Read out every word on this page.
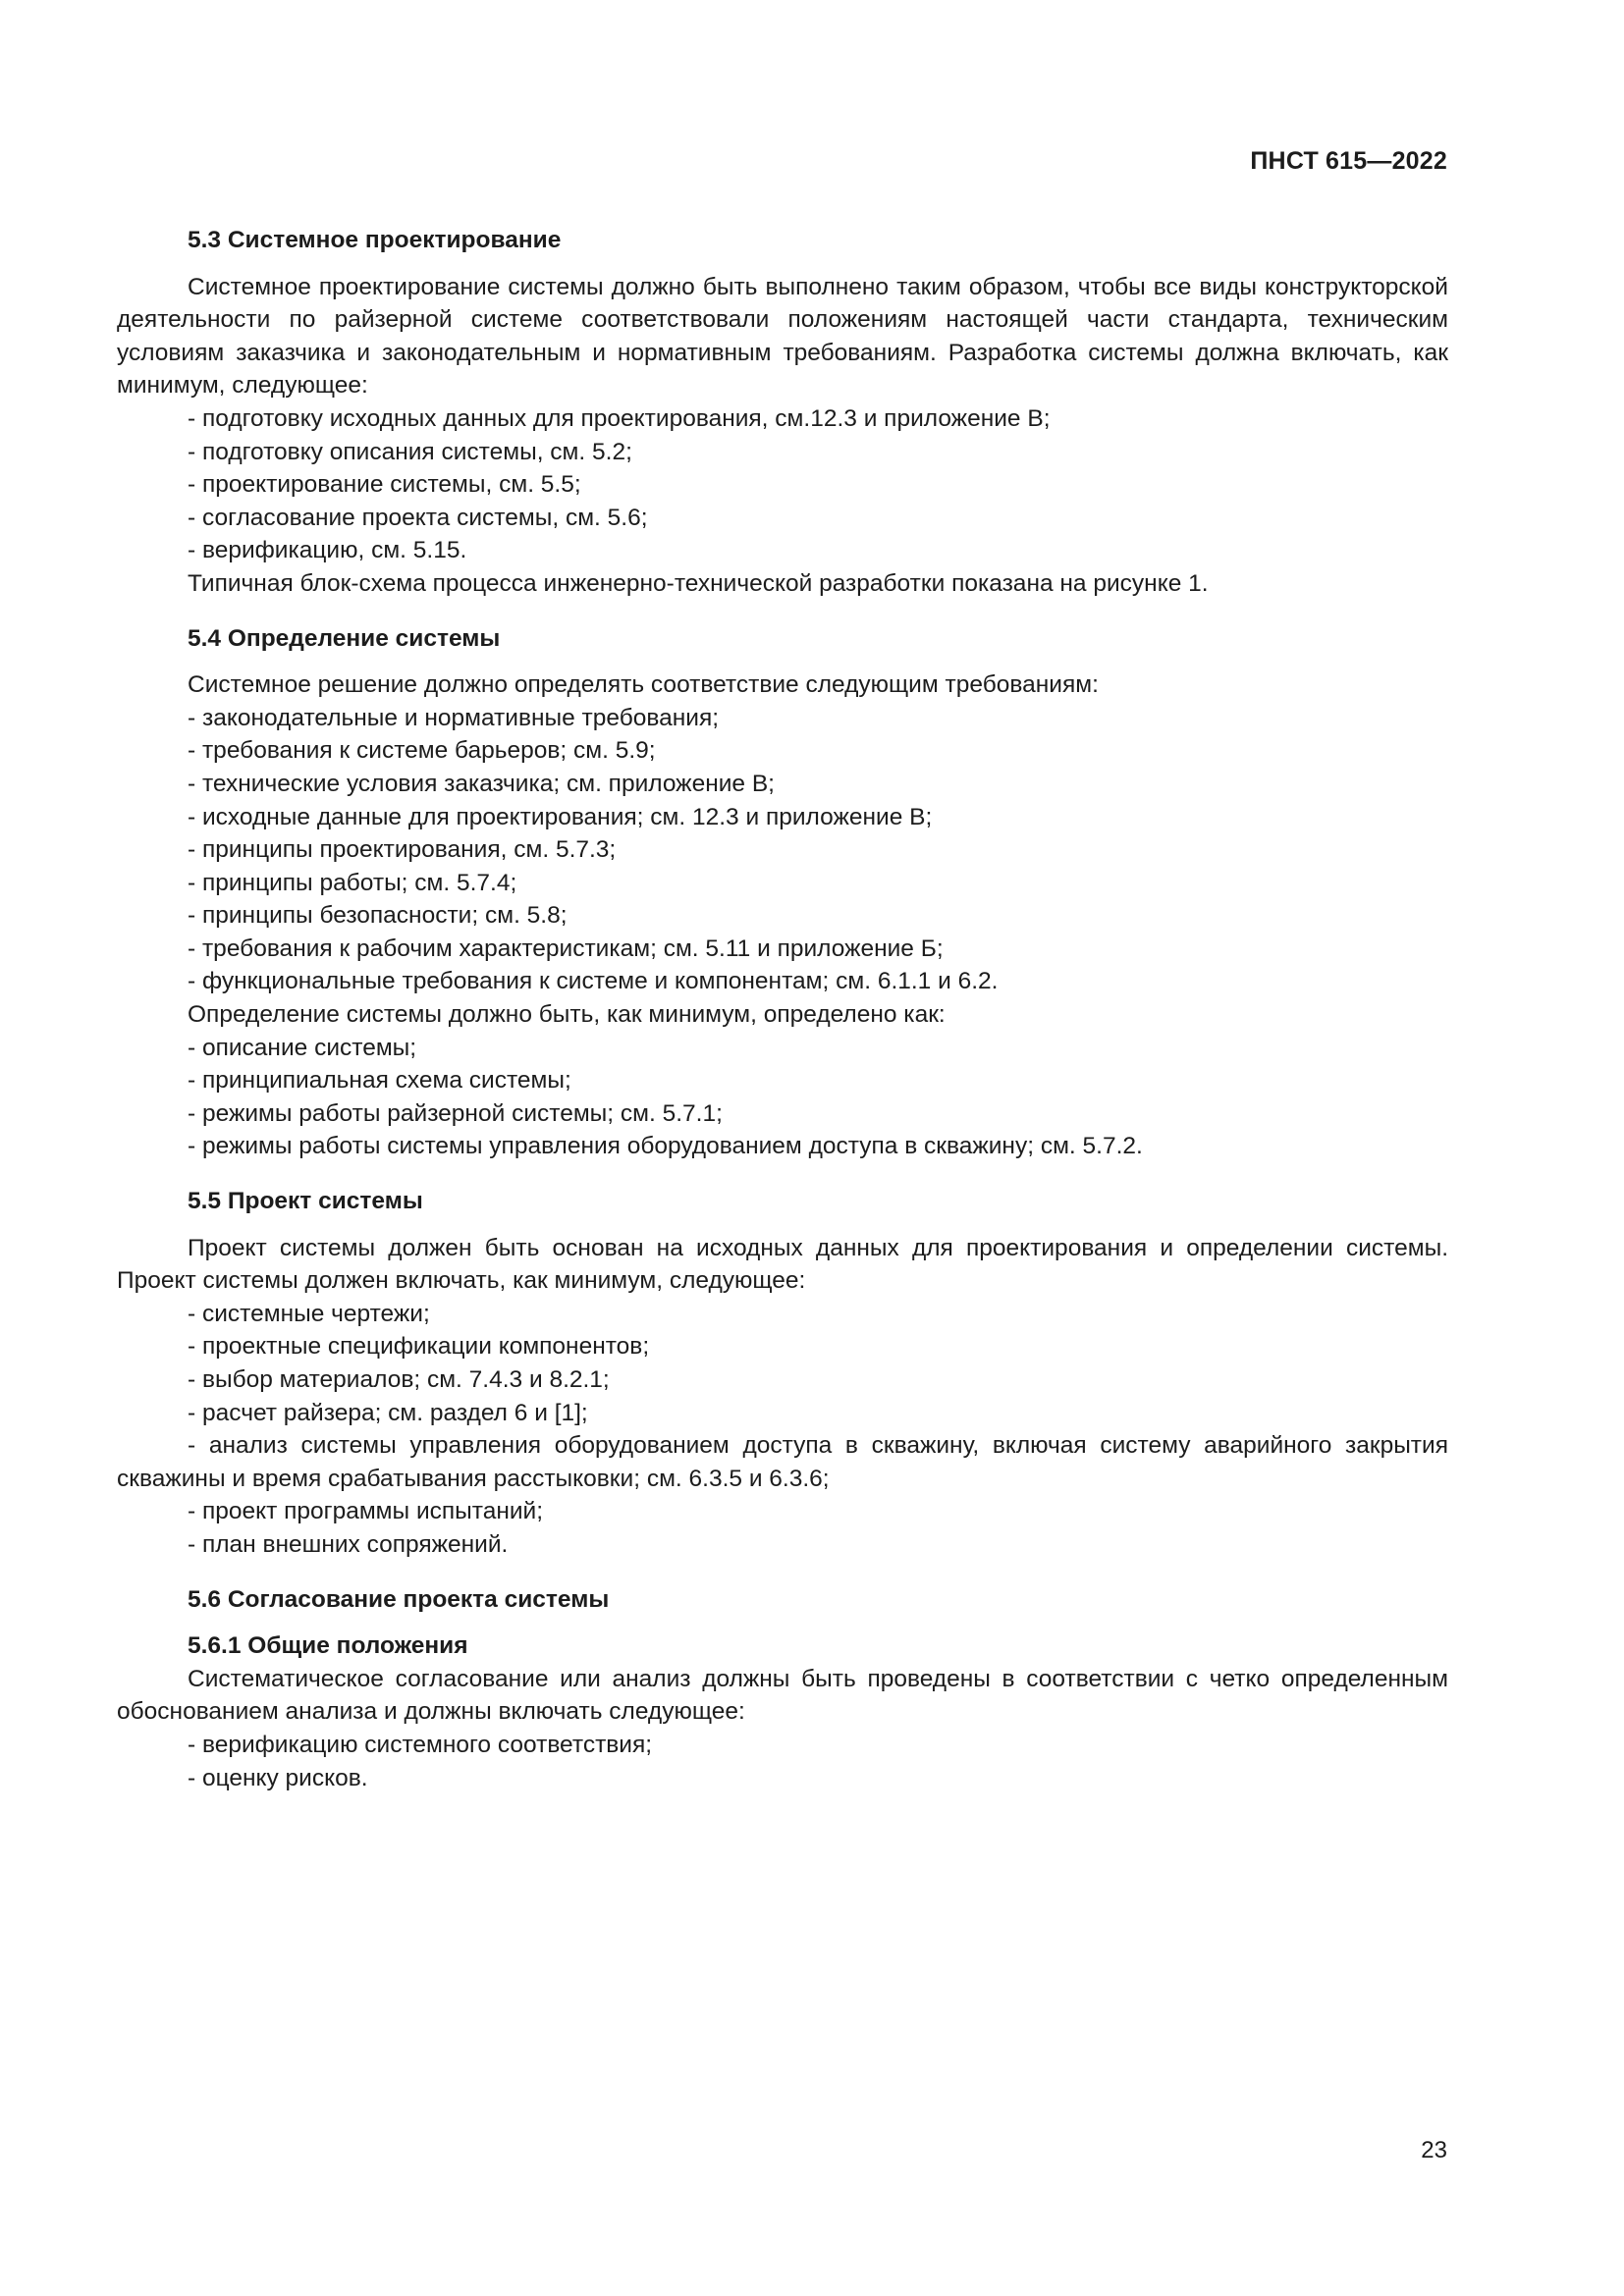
ПНСТ 615—2022
5.3 Системное проектирование
Системное проектирование системы должно быть выполнено таким образом, чтобы все виды конструкторской деятельности по райзерной системе соответствовали положениям настоящей части стандарта, техническим условиям заказчика и законодательным и нормативным требованиям. Разработка системы должна включать, как минимум, следующее:
- подготовку исходных данных для проектирования, см.12.3 и приложение В;
- подготовку описания системы, см. 5.2;
- проектирование системы, см. 5.5;
- согласование проекта системы, см. 5.6;
- верификацию, см. 5.15.
Типичная блок-схема процесса инженерно-технической разработки показана на рисунке 1.
5.4 Определение системы
Системное решение должно определять соответствие следующим требованиям:
- законодательные и нормативные требования;
- требования к системе барьеров; см. 5.9;
- технические условия заказчика; см. приложение В;
- исходные данные для проектирования; см. 12.3 и приложение В;
- принципы проектирования, см. 5.7.3;
- принципы работы; см. 5.7.4;
- принципы безопасности; см. 5.8;
- требования к рабочим характеристикам; см. 5.11 и приложение Б;
- функциональные требования к системе и компонентам; см. 6.1.1 и 6.2.
Определение системы должно быть, как минимум, определено как:
- описание системы;
- принципиальная схема системы;
- режимы работы райзерной системы; см. 5.7.1;
- режимы работы системы управления оборудованием доступа в скважину; см. 5.7.2.
5.5 Проект системы
Проект системы должен быть основан на исходных данных для проектирования и определении системы. Проект системы должен включать, как минимум, следующее:
- системные чертежи;
- проектные спецификации компонентов;
- выбор материалов; см. 7.4.3 и 8.2.1;
- расчет райзера; см. раздел 6 и [1];
- анализ системы управления оборудованием доступа в скважину, включая систему аварийного закрытия скважины и время срабатывания расстыковки; см. 6.3.5 и 6.3.6;
- проект программы испытаний;
- план внешних сопряжений.
5.6 Согласование проекта системы
5.6.1 Общие положения
Систематическое согласование или анализ должны быть проведены в соответствии с четко определенным обоснованием анализа и должны включать следующее:
- верификацию системного соответствия;
- оценку рисков.
23
